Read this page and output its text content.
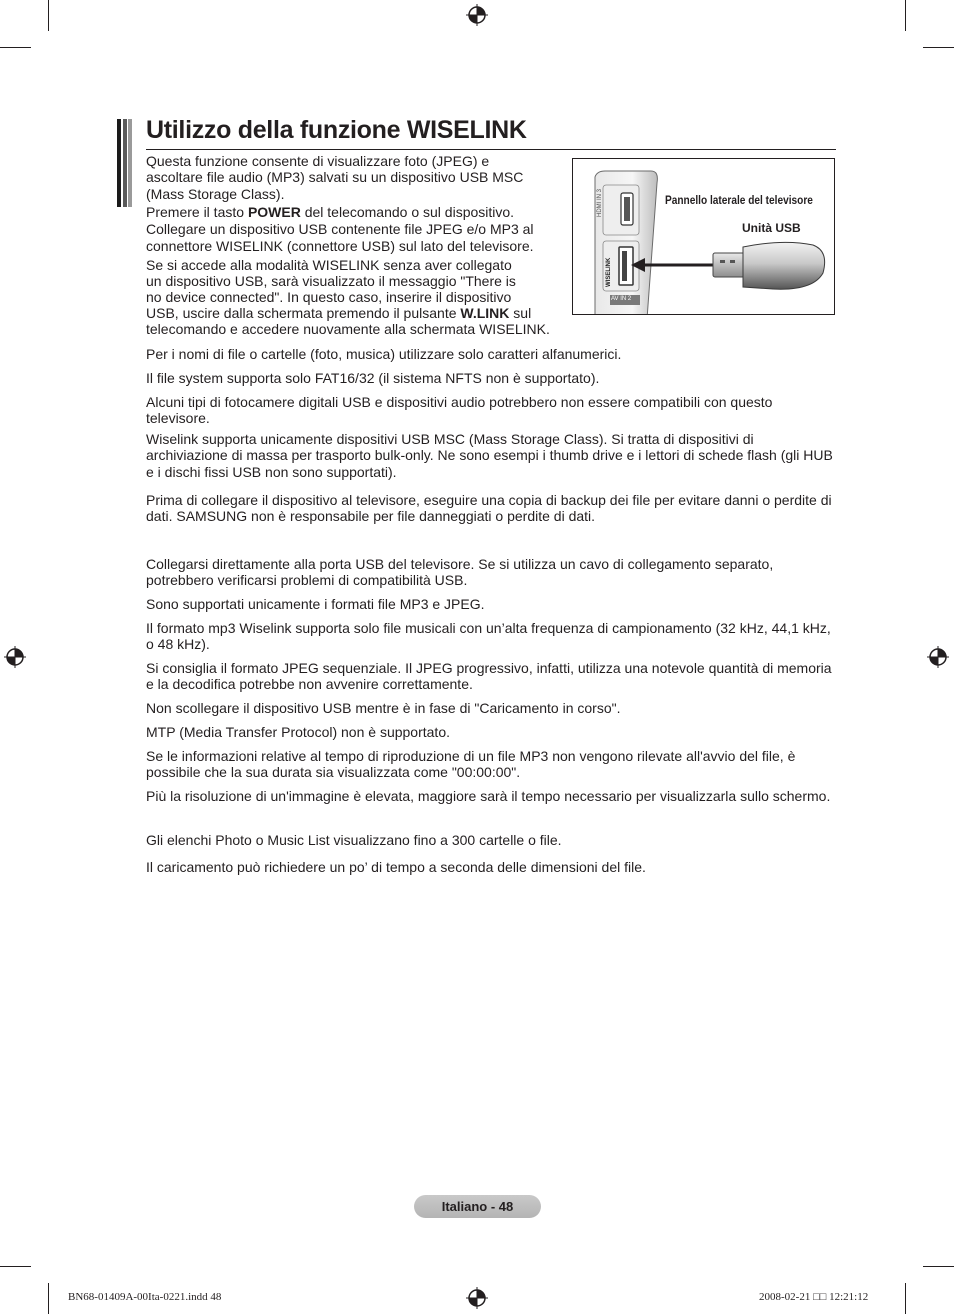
Utilizzo della funzione WISELINK

Questa funzione consente di visualizzare foto (JPEG) e

ascoltare file audio (MP3) salvati su un dispositivo USB MSC

(Mass Storage Class).

Premere il tasto POWER del telecomando o sul dispositivo.

Collegare un dispositivo USB contenente file JPEG e/o MP3 al

connettore WISELINK (connettore USB) sul lato del televisore.

Se si accede alla modalità WISELINK senza aver collegato

un dispositivo USB, sarà visualizzato il messaggio "There is

no device connected". In questo caso, inserire il dispositivo

USB, uscire dalla schermata premendo il pulsante W.LINK sul

telecomando e accedere nuovamente alla schermata WISELINK.

HDMI IN 3
WISELINK
AV IN 2
Pannello laterale del televisore
Unità USB

Per i nomi di file o cartelle (foto, musica) utilizzare solo caratteri alfanumerici.

Il file system supporta solo FAT16/32 (il sistema NFTS non è supportato).

Alcuni tipi di fotocamere digitali USB e dispositivi audio potrebbero non essere compatibili con questo televisore.

Wiselink supporta unicamente dispositivi USB MSC (Mass Storage Class). Si tratta di dispositivi di archiviazione di massa per trasporto bulk-only. Ne sono esempi i thumb drive e i lettori di schede flash (gli HUB e i dischi fissi USB non sono supportati).

Prima di collegare il dispositivo al televisore, eseguire una copia di backup dei file per evitare danni o perdite di dati. SAMSUNG non è responsabile per file danneggiati o perdite di dati.

Collegarsi direttamente alla porta USB del televisore. Se si utilizza un cavo di collegamento separato, potrebbero verificarsi problemi di compatibilità USB.

Sono supportati unicamente i formati file MP3 e JPEG.

Il formato mp3 Wiselink supporta solo file musicali con un’alta frequenza di campionamento (32 kHz, 44,1 kHz, o 48 kHz).

Si consiglia il formato JPEG sequenziale. Il JPEG progressivo, infatti, utilizza una notevole quantità di memoria e la decodifica potrebbe non avvenire correttamente.

Non scollegare il dispositivo USB mentre è in fase di "Caricamento in corso".

MTP (Media Transfer Protocol) non è supportato.

Se le informazioni relative al tempo di riproduzione di un file MP3 non vengono rilevate all'avvio del file, è possibile che la sua durata sia visualizzata come "00:00:00".

Più la risoluzione di un'immagine è elevata, maggiore sarà il tempo necessario per visualizzarla sullo schermo.

Gli elenchi Photo o Music List visualizzano fino a 300 cartelle o file.

Il caricamento può richiedere un po’ di tempo a seconda delle dimensioni del file.

Italiano - 48
BN68-01409A-00Ita-0221.indd 48	2008-02-21 □□ 12:21:12
